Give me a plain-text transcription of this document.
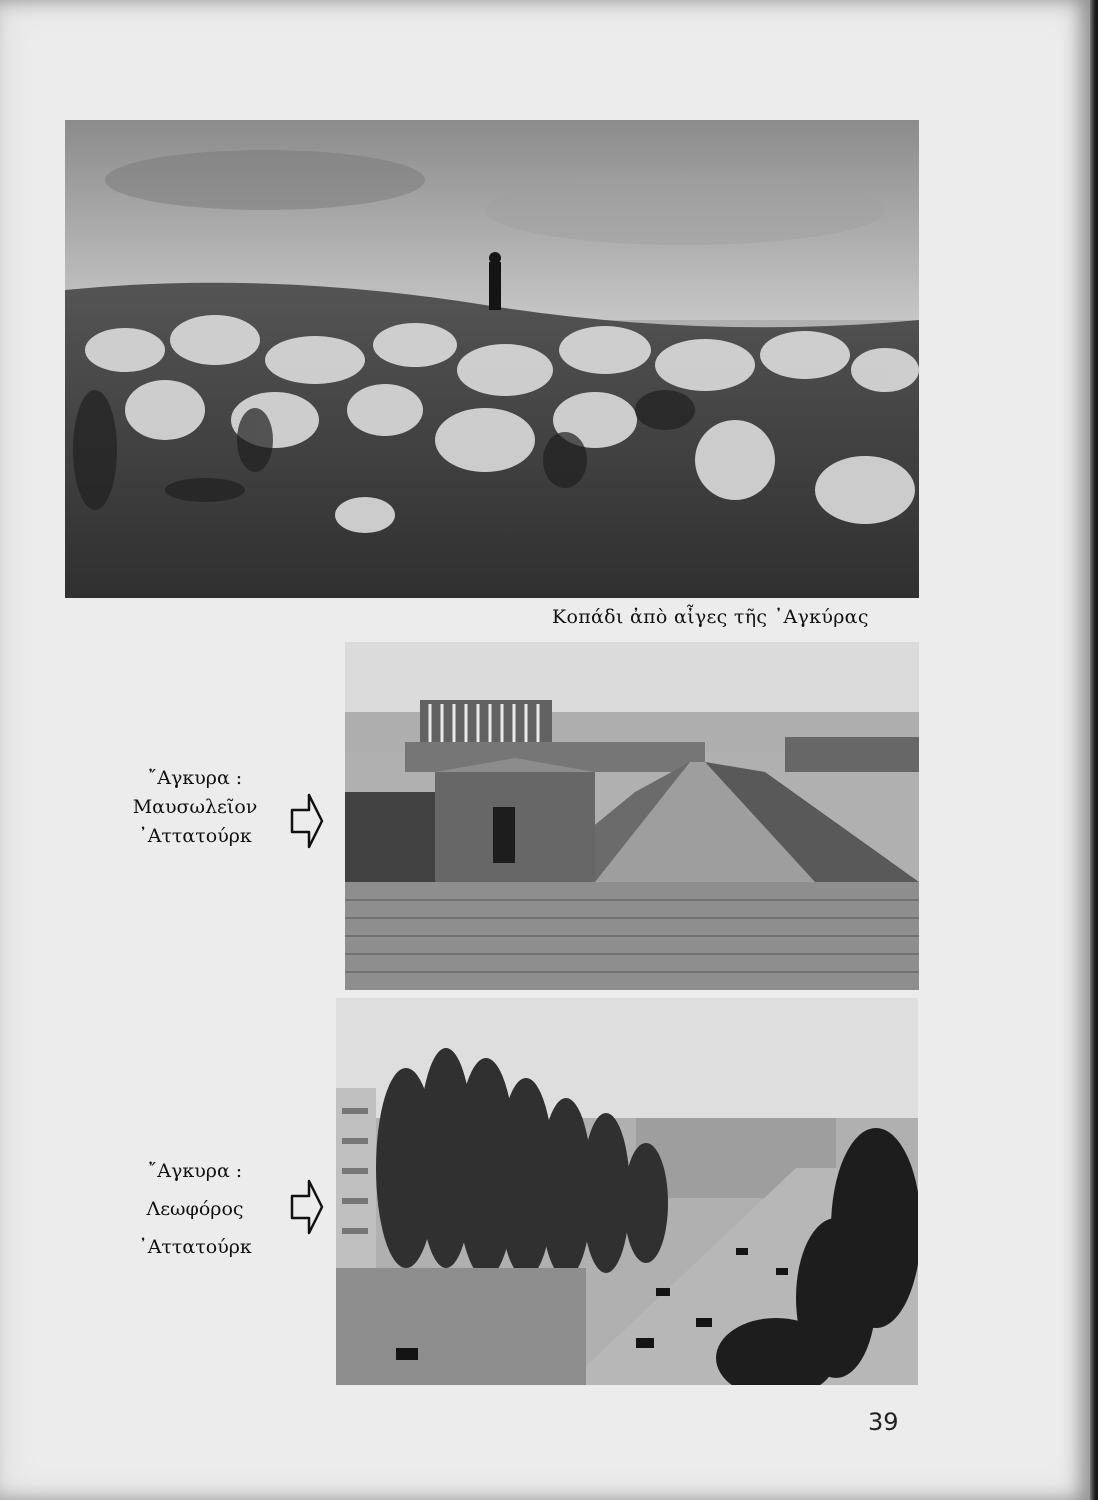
Κοπάδι ἀπὸ αἶγες τῆς ᾿Αγκύρας
῎Αγκυρα :
Μαυσωλεῖον
᾿Αττατούρκ
῎Αγκυρα :
Λεωφόρος
᾿Αττατούρκ
39
